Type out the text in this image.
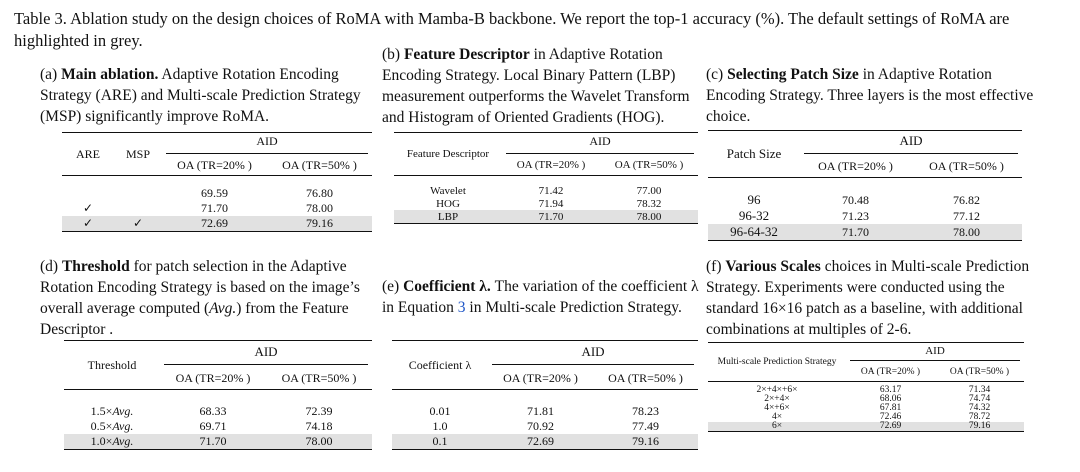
Table 3. Ablation study on the design choices of RoMA with Mamba-B backbone. We report the top-1 accuracy (%). The default settings of RoMA are highlighted in grey.
(a) Main ablation. Adaptive Rotation Encoding Strategy (ARE) and Multi-scale Prediction Strategy (MSP) significantly improve RoMA.
(b) Feature Descriptor in Adaptive Rotation Encoding Strategy. Local Binary Pattern (LBP) measurement outperforms the Wavelet Transform and Histogram of Oriented Gradients (HOG).
(c) Selecting Patch Size in Adaptive Rotation Encoding Strategy. Three layers is the most effective choice.
ARE	MSP	AID	

		OA (TR=20% )	OA (TR=50% )

		69.59	76.80
✓		71.70	78.00
✓	✓	72.69	79.16
Feature Descriptor	AID	

	OA (TR=20% )	OA (TR=50% )

Wavelet	71.42	77.00
HOG	71.94	78.32
LBP	71.70	78.00
Patch Size	AID	

	OA (TR=20% )	OA (TR=50% )

96	70.48	76.82
96-32	71.23	77.12
96-64-32	71.70	78.00
(d) Threshold for patch selection in the Adaptive Rotation Encoding Strategy is based on the image’s overall average computed (Avg.) from the Feature Descriptor .
(e) Coefficient λ. The variation of the coefficient λ in Equation 3 in Multi-scale Prediction Strategy.
(f) Various Scales choices in Multi-scale Prediction Strategy. Experiments were conducted using the standard 16×16 patch as a baseline, with additional combinations at multiples of 2-6.
Threshold	AID	

	OA (TR=20% )	OA (TR=50% )

1.5×Avg.	68.33	72.39
0.5×Avg.	69.71	74.18
1.0×Avg.	71.70	78.00
Coefficient λ	AID	

	OA (TR=20% )	OA (TR=50% )

0.01	71.81	78.23
1.0	70.92	77.49
0.1	72.69	79.16
Multi-scale Prediction Strategy	AID	

	OA (TR=20% )	OA (TR=50% )

2×+4×+6×	63.17	71.34
2×+4×	68.06	74.74
4×+6×	67.81	74.32
4×	72.46	78.72
6×	72.69	79.16
